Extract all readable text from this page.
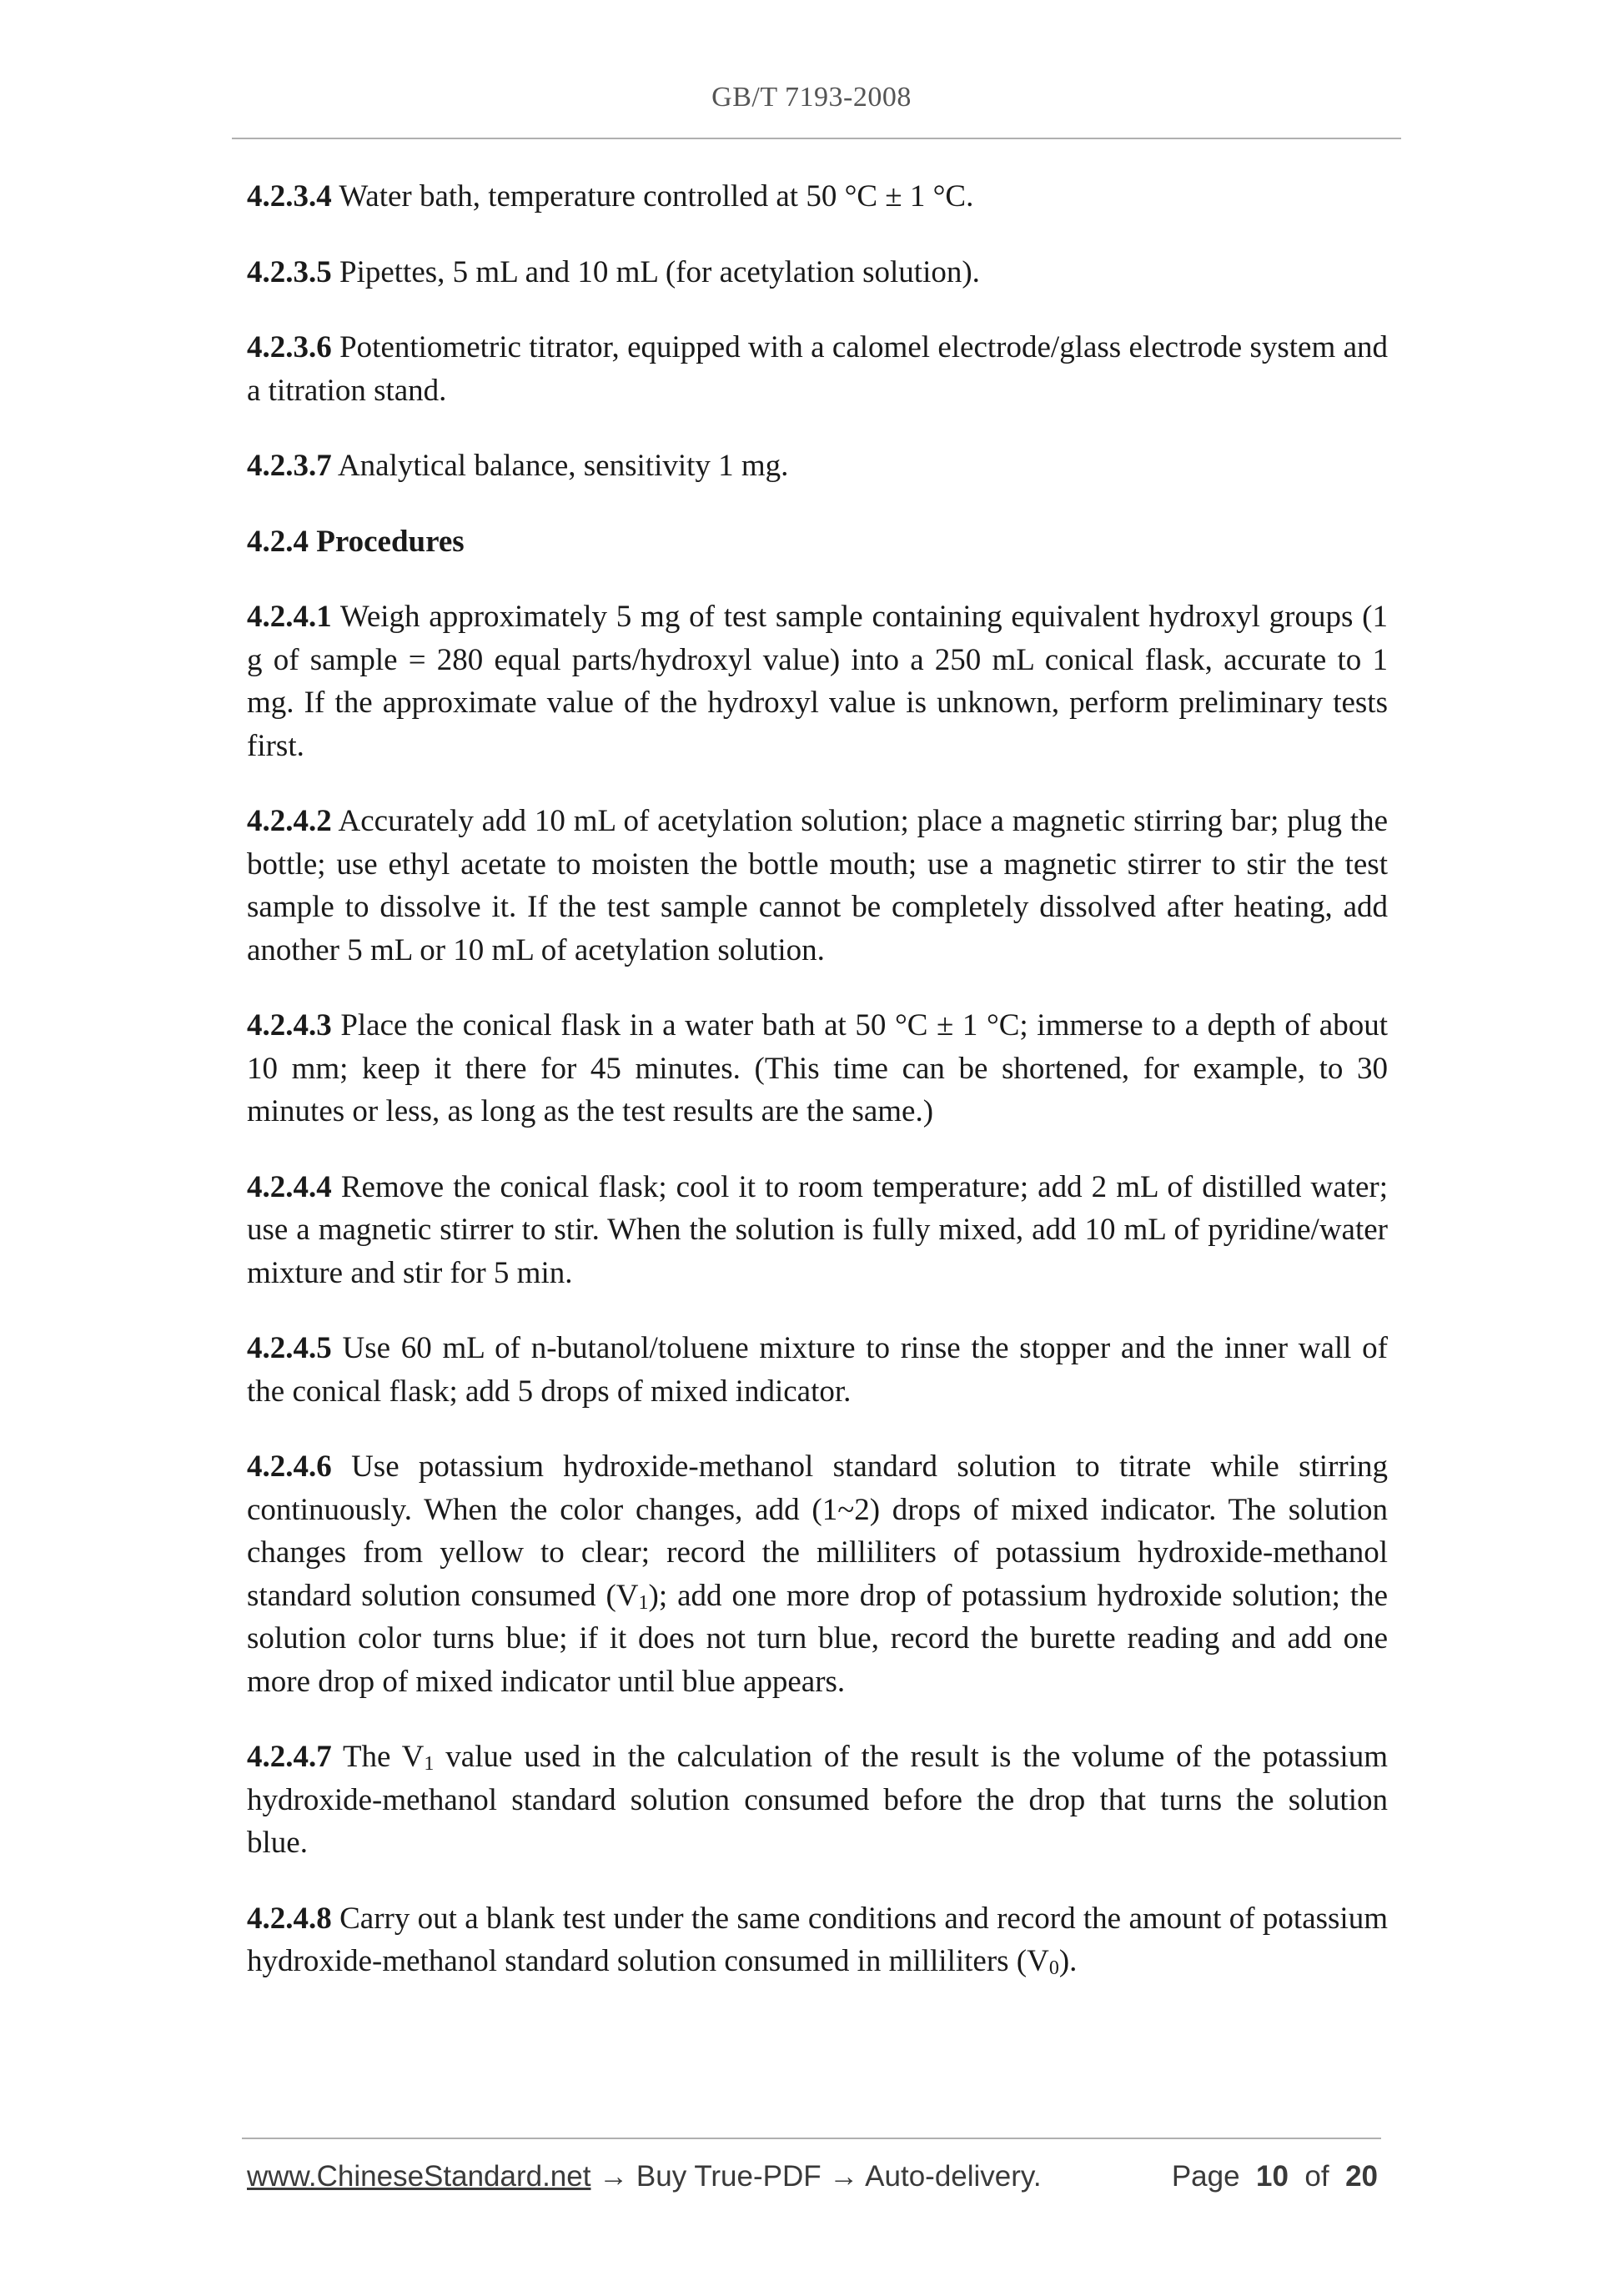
GB/T 7193-2008

4.2.3.4 Water bath, temperature controlled at 50 °C ± 1 °C.

4.2.3.5 Pipettes, 5 mL and 10 mL (for acetylation solution).

4.2.3.6 Potentiometric titrator, equipped with a calomel electrode/glass electrode system and a titration stand.

4.2.3.7 Analytical balance, sensitivity 1 mg.

4.2.4 Procedures

4.2.4.1 Weigh approximately 5 mg of test sample containing equivalent hydroxyl groups (1 g of sample = 280 equal parts/hydroxyl value) into a 250 mL conical flask, accurate to 1 mg. If the approximate value of the hydroxyl value is unknown, perform preliminary tests first.

4.2.4.2 Accurately add 10 mL of acetylation solution; place a magnetic stirring bar; plug the bottle; use ethyl acetate to moisten the bottle mouth; use a magnetic stirrer to stir the test sample to dissolve it. If the test sample cannot be completely dissolved after heating, add another 5 mL or 10 mL of acetylation solution.

4.2.4.3 Place the conical flask in a water bath at 50 °C ± 1 °C; immerse to a depth of about 10 mm; keep it there for 45 minutes. (This time can be shortened, for example, to 30 minutes or less, as long as the test results are the same.)

4.2.4.4 Remove the conical flask; cool it to room temperature; add 2 mL of distilled water; use a magnetic stirrer to stir. When the solution is fully mixed, add 10 mL of pyridine/water mixture and stir for 5 min.

4.2.4.5 Use 60 mL of n-butanol/toluene mixture to rinse the stopper and the inner wall of the conical flask; add 5 drops of mixed indicator.

4.2.4.6 Use potassium hydroxide-methanol standard solution to titrate while stirring continuously. When the color changes, add (1~2) drops of mixed indicator. The solution changes from yellow to clear; record the milliliters of potassium hydroxide-methanol standard solution consumed $(V_1)$; add one more drop of potassium hydroxide solution; the solution color turns blue; if it does not turn blue, record the burette reading and add one more drop of mixed indicator until blue appears.

4.2.4.7 The $V_1$ value used in the calculation of the result is the volume of the potassium hydroxide-methanol standard solution consumed before the drop that turns the solution blue.

4.2.4.8 Carry out a blank test under the same conditions and record the amount of potassium hydroxide-methanol standard solution consumed in milliliters $(V_0)$.

www.ChineseStandard.net → Buy True-PDF → Auto-delivery.	Page 10 of 20
